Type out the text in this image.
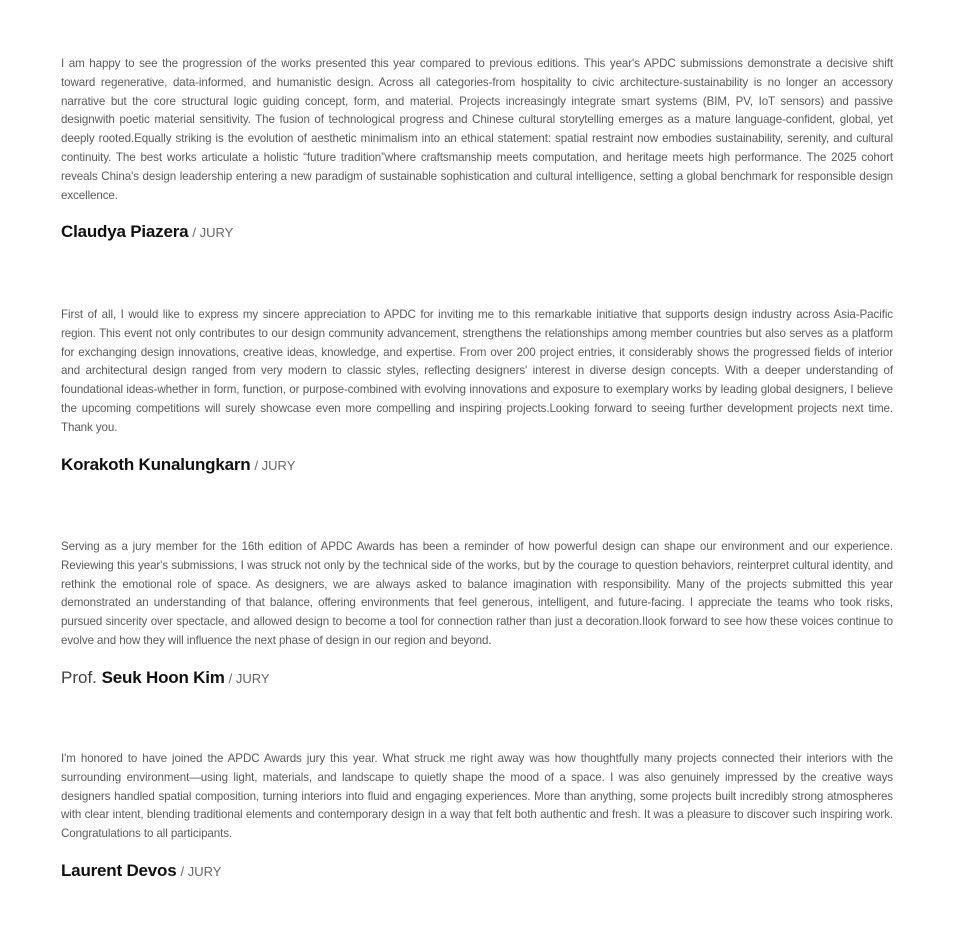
I am happy to see the progression of the works presented this year compared to previous editions. This year's APDC submissions demonstrate a decisive shift toward regenerative, data-informed, and humanistic design. Across all categories-from hospitality to civic architecture-sustainability is no longer an accessory narrative but the core structural logic guiding concept, form, and material. Projects increasingly integrate smart systems (BIM, PV, IoT sensors) and passive designwith poetic material sensitivity. The fusion of technological progress and Chinese cultural storytelling emerges as a mature language-confident, global, yet deeply rooted.Equally striking is the evolution of aesthetic minimalism into an ethical statement: spatial restraint now embodies sustainability, serenity, and cultural continuity. The best works articulate a holistic “future tradition”where craftsmanship meets computation, and heritage meets high performance. The 2025 cohort reveals China's design leadership entering a new paradigm of sustainable sophistication and cultural intelligence, setting a global benchmark for responsible design excellence.

Claudya Piazera / JURY

First of all, I would like to express my sincere appreciation to APDC for inviting me to this remarkable initiative that supports design industry across Asia-Pacific region. This event not only contributes to our design community advancement, strengthens the relationships among member countries but also serves as a platform for exchanging design innovations, creative ideas, knowledge, and expertise. From over 200 project entries, it considerably shows the progressed fields of interior and architectural design ranged from very modern to classic styles, reflecting designers' interest in diverse design concepts. With a deeper understanding of foundational ideas-whether in form, function, or purpose-combined with evolving innovations and exposure to exemplary works by leading global designers, I believe the upcoming competitions will surely showcase even more compelling and inspiring projects.Looking forward to seeing further development projects next time. Thank you.

Korakoth Kunalungkarn / JURY

Serving as a jury member for the 16th edition of APDC Awards has been a reminder of how powerful design can shape our environment and our experience. Reviewing this year's submissions, I was struck not only by the technical side of the works, but by the courage to question behaviors, reinterpret cultural identity, and rethink the emotional role of space. As designers, we are always asked to balance imagination with responsibility. Many of the projects submitted this year demonstrated an understanding of that balance, offering environments that feel generous, intelligent, and future-facing. I appreciate the teams who took risks, pursued sincerity over spectacle, and allowed design to become a tool for connection rather than just a decoration.Ilook forward to see how these voices continue to evolve and how they will influence the next phase of design in our region and beyond.

Prof. Seuk Hoon Kim / JURY

I'm honored to have joined the APDC Awards jury this year. What struck me right away was how thoughtfully many projects connected their interiors with the surrounding environment—using light, materials, and landscape to quietly shape the mood of a space. I was also genuinely impressed by the creative ways designers handled spatial composition, turning interiors into fluid and engaging experiences. More than anything, some projects built incredibly strong atmospheres with clear intent, blending traditional elements and contemporary design in a way that felt both authentic and fresh. It was a pleasure to discover such inspiring work. Congratulations to all participants.

Laurent Devos / JURY
